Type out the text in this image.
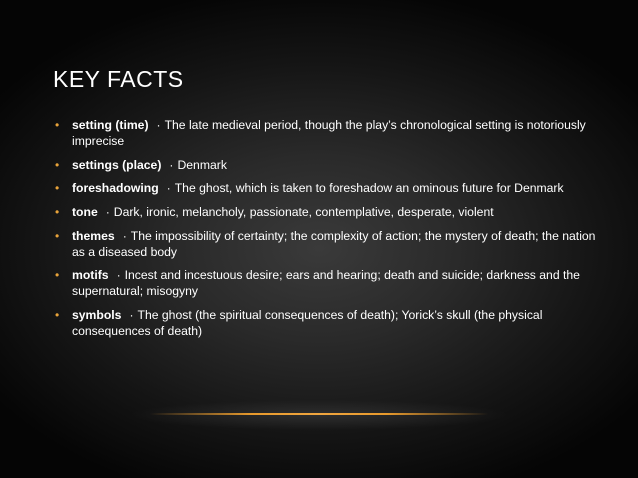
KEY FACTS
• setting (time) · The late medieval period, though the play’s chronological setting is notoriously imprecise
• settings (place) · Denmark
• foreshadowing · The ghost, which is taken to foreshadow an ominous future for Denmark
• tone · Dark, ironic, melancholy, passionate, contemplative, desperate, violent
• themes · The impossibility of certainty; the complexity of action; the mystery of death; the nation as a diseased body
• motifs · Incest and incestuous desire; ears and hearing; death and suicide; darkness and the supernatural; misogyny
• symbols · The ghost (the spiritual consequences of death); Yorick’s skull (the physical consequences of death)
